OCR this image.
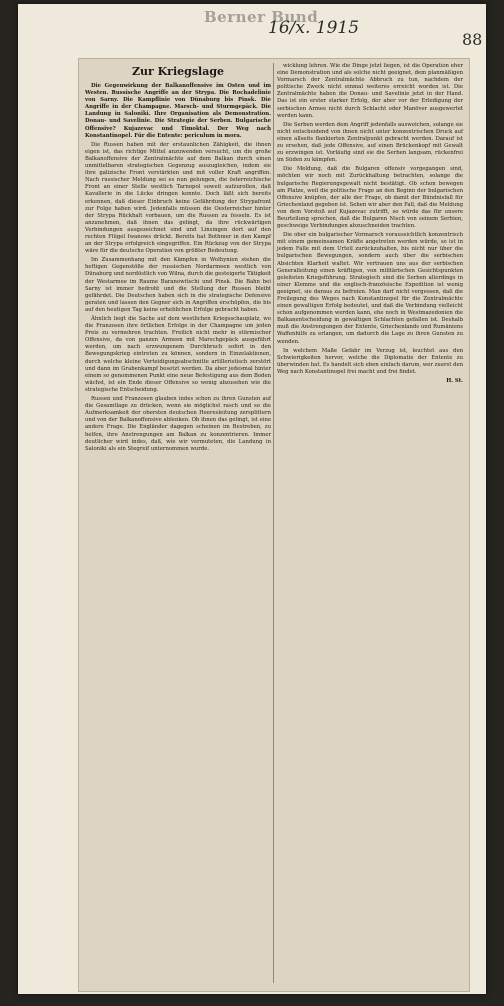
Berner Bund
16/x. 1915
88
Zur Kriegslage

Die Gegenwirkung der Balkanoffensive im Osten und im Westen. Russische Angriffe an der Strypa. Die Rochadelinie von Sarny. Die Kampflinie von Dünaburg bis Pinsk. Die Angriffe in der Champagne. Marsch- und Sturmgepäck. Die Landung in Saloniki. Ihre Organisation als Demonstration. Donau- und Savelinie. Die Strategie der Serben. Bulgarische Offensive? Kujazevac und Timoktal. Der Weg nach Konstantinopel. Für die Entente: periculum in mora.

Die Russen haben mit der erstaunlichen Zähigkeit, die ihnen eigen ist, das richtige Mittel anzuwenden versucht, um die große Balkanoffensive der Zentralmächte auf dem Balkan durch einen unmittelbaren strategischen Gegenzug auszugleichen, indem sie ihre galizische Front verstärkten und mit voller Kraft angriffen. Nach russischer Meldung sei es nun gelungen, die österreichische Front an einer Stelle westlich Tarnopol soweit aufzurollen, daß Kavallerie in die Lücke dringen konnte. Doch läßt sich bereits erkennen, daß dieser Einbruch keine Gefährdung der Strypafront zur Folge haben wird. Jedenfalls müssen die Oesterreicher hinter der Strypa Rückhalt vorbauen, um die Russen zu fesseln. Es ist anzunehmen, daß ihnen das gelingt, da ihre rückwärtigen Verbindungen ausgezeichnet sind und Linsingen dort auf den rechten Flügel Iwanows drückt. Bereits hat Bothmer in den Kampf an der Strypa erfolgreich eingegriffen. Ein Rückzug von der Strypa wäre für die deutsche Operation von größter Bedeutung.

Im Zusammenhang mit den Kämpfen in Wolhynien stehen die heftigen Gegenstöße der russischen Nordarmeen westlich von Dünaburg und nordöstlich von Wilna, durch die gesteigerte Tätigkeit der Westarmee im Raume Baranowitschi und Pinsk. Die Bahn bei Sarny ist immer bedroht und die Stellung der Russen bleibt gefährdet. Die Deutschen haben sich in die strategische Defensive geraten und lassen den Gegner sich in Angriffen erschöpfen, die bis auf den heutigen Tag keine erheblichen Erfolge gebracht haben.

Ähnlich liegt die Sache auf dem westlichen Kriegsschauplatz, wo die Franzosen ihre örtlichen Erfolge in der Champagne um jeden Preis zu vermehren trachten. Freilich nicht mehr in stürmischer Offensive, da von ganzen Armeen mit Marschgepäck ausgeführt werden, um nach erzwungenem Durchbruch sofort in den Bewegungskrieg eintreten zu können, sondern in Einzelaktionen, durch welche kleine Verteidigungsabschnitte artilleristisch zerstört und dann im Grabenkampf besetzt werden. Da aber jedesmal hinter einem so genommenen Punkt eine neue Befestigung aus dem Boden wächst, ist ein Ende dieser Offensive so wenig abzusehen wie die strategische Entscheidung.

Russen und Franzosen glauben indes schon zu ihren Gunsten auf die Gesamtlage zu drücken, wenn sie möglichst rasch und so die Aufmerksamkeit der obersten deutschen Heeresleitung zersplittern und von der Balkanoffensive ablenken. Ob ihnen das gelingt, ist eine andere Frage. Die Engländer dagegen scheinen im Bestreben, zu helfen, ihre Anstrengungen am Balkan zu konzentrieren. Immer deutlicher wird indes, daß, wie wir vermuteten, die Landung in Saloniki als ein Stegreif unternommen wurde.

wicklung lehren. Wie die Dinge jetzt liegen, ist die Operation eher eine Demonstration und als solche nicht geeignet, dem planmäßigen Vormarsch der Zentralmächte Abbruch zu tun, nachdem der politische Zweck nicht einmal weiteres erreicht worden ist. Die Zentralmächte haben die Donau- und Savelinie jetzt in der Hand. Das ist ein erster starker Erfolg, der aber vor der Erledigung der serbischen Armee nicht durch Schlacht oder Manöver ausgewertet werden kann.

Die Serben werden dem Angriff jedenfalls ausweichen, solange sie nicht entscheidend von ihnen nicht unter konzentrischen Druck auf einen allseits flankierten Zentralpunkt gebracht werden. Darauf ist zu ersehen, daß jede Offensive, auf einen Brückenkopf mit Gewalt zu erzwingen ist. Vorläufig sind sie die Serben langsam, rückenfrei im Süden zu kämpfen.

Die Meldung, daß die Bulgaren offensiv vorgegangen sind, möchten wir noch mit Zurückhaltung betrachten, solange die bulgarische Regierungsgewalt nicht bestätigt. Ob schon bewegen am Platze, weil die politische Frage an den Beginn der bulgarischen Offensive knüpfen, der alle der Frage, ob damit der Bündnisfall für Griechenland gegeben ist. Sehen wir aber den Fall, daß die Meldung von dem Vorstoß auf Kujazevac zutrifft, so würde das für unsere Beurteilung sprechen, daß die Bulgaren Nisch von seinem Serbien, geschweige Verbindungen abzuschneiden trachten.

Die ober ein bulgarischer Vormarsch voraussichtlich konzentrisch mit einem gemeinsamen Kräfte angetreten werden würde, so ist in jedem Falle mit dem Urteil zurückzuhalten, bis nicht nur über die bulgarischen Bewegungen, sondern auch über die serbischen Absichten Klarheit waltet. Wir vertrauen uns aus der serbischen Generalleitung einen kräftigen, von militärischen Gesichtspunkten geleiteten Kriegsführung. Strategisch sind die Serben allerdings in einer Klemme und die englisch-französische Expedition ist wenig geeignet, sie daraus zu befreien. Man darf nicht vergessen, daß die Freilegung des Weges nach Konstantinopel für die Zentralmächte einen gewaltigen Erfolg bedeutet, und daß die Verbindung vielleicht schon aufgenommen werden kann, ehe noch in Westmazedonien die Balkanentscheidung in gewaltigen Schlachten gefallen ist. Deshalb muß die Anstrengungen der Entente, Griechenlands und Rumäniens Waffenhilfe zu erlangen, um dadurch die Lage zu ihren Gunsten zu wenden.

In welchem Maße Gefahr im Verzug ist, leuchtet aus den Schwierigkeiten hervor, welche die Diplomatie der Entente zu überwinden hat. Es handelt sich eben einfach darum, wer zuerst den Weg nach Konstantinopel frei macht und frei findet.

H. St.
